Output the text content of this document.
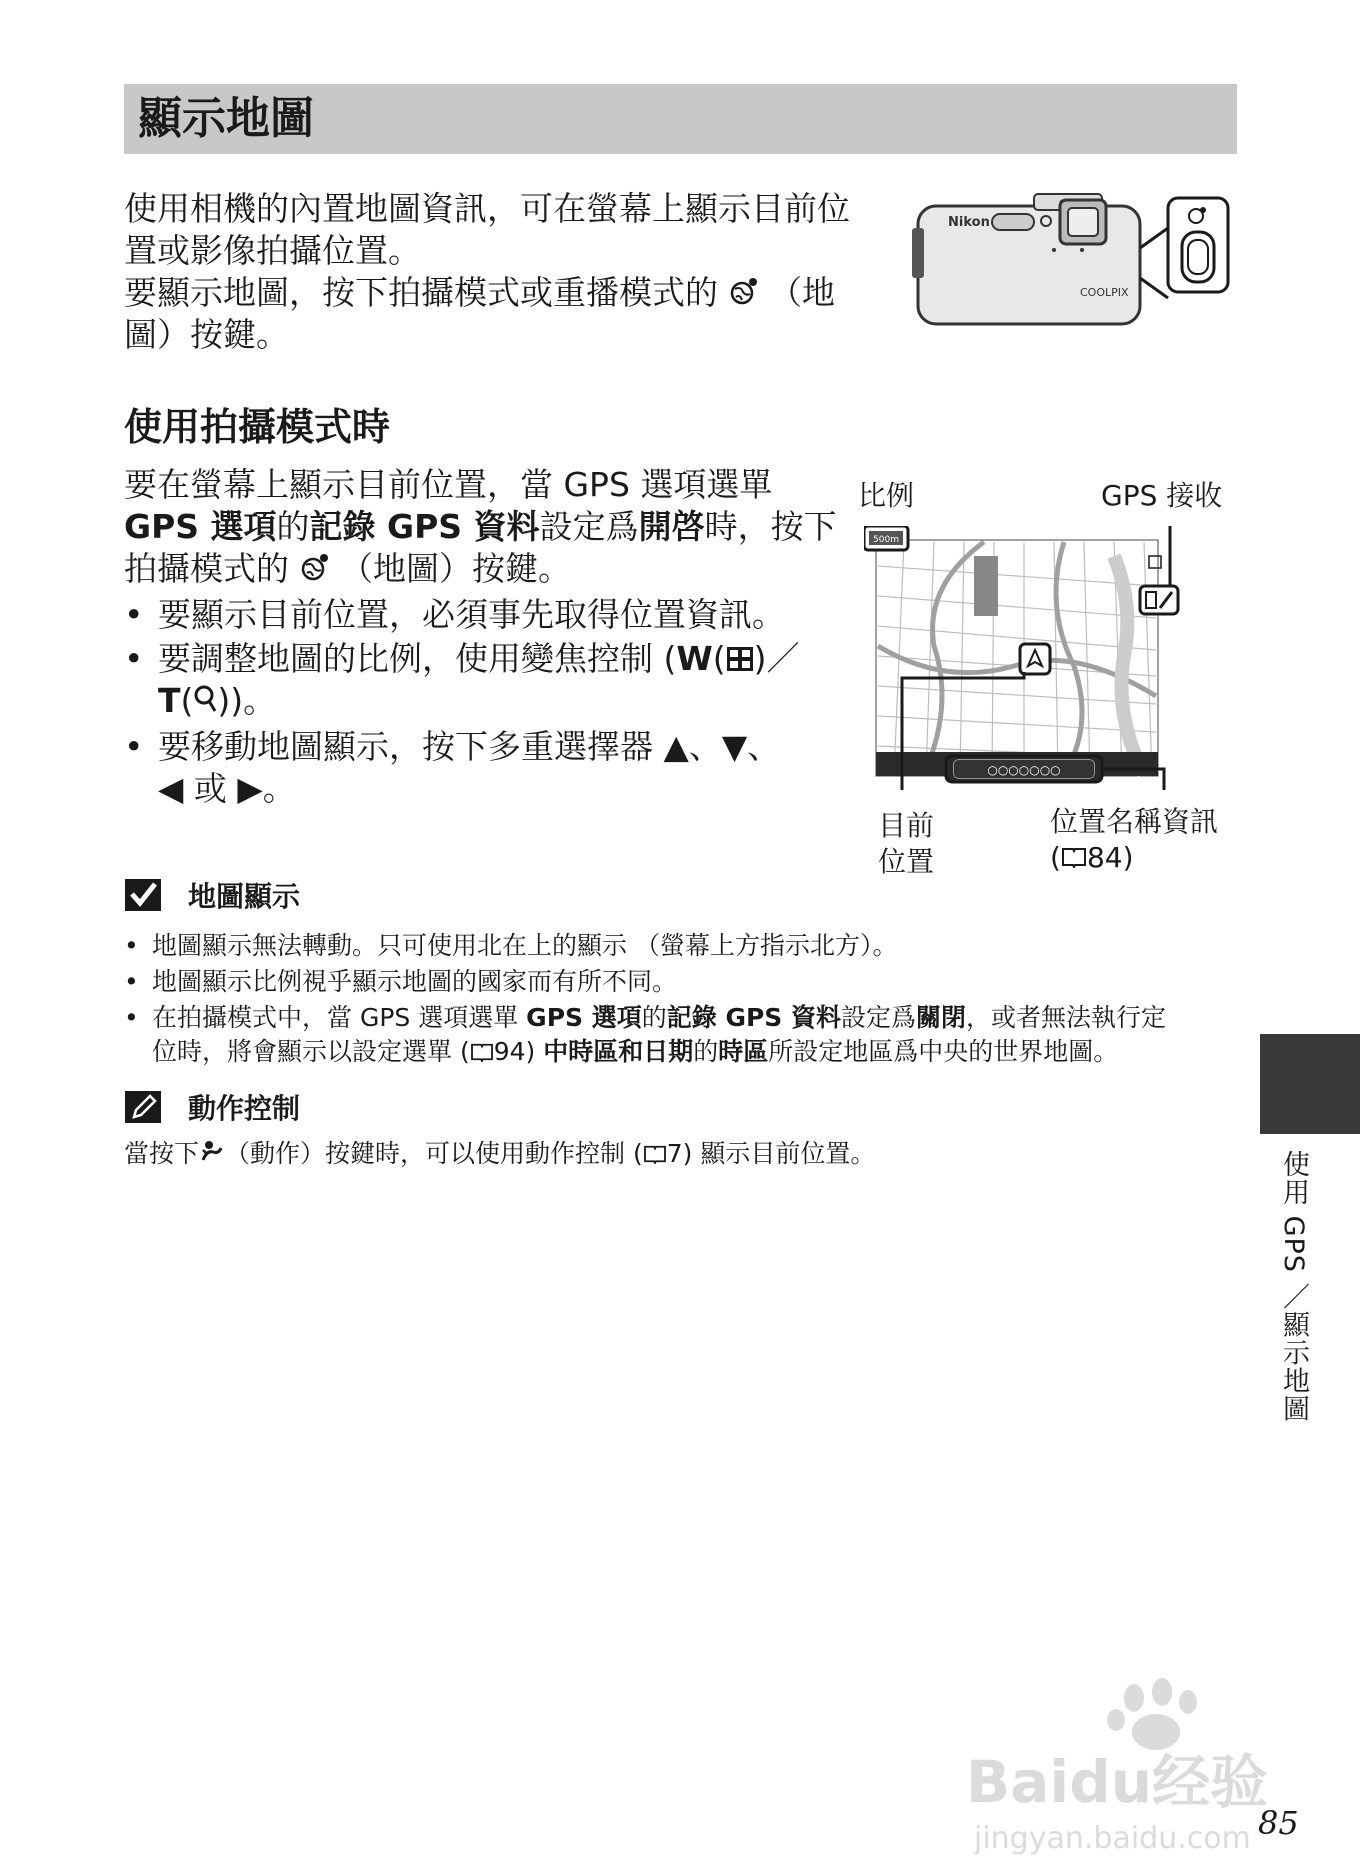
顯示地圖
使用相機的內置地圖資訊，可在螢幕上顯示目前位
置或影像拍攝位置。
要顯示地圖，按下拍攝模式或重播模式的 （地
圖）按鍵。
Nikon
COOLPIX
使用拍攝模式時
要在螢幕上顯示目前位置，當 GPS 選項選單
GPS 選項的記錄 GPS 資料設定爲開啓時，按下
拍攝模式的 （地圖）按鍵。
• 要顯示目前位置，必須事先取得位置資訊。
• 要調整地圖的比例，使用變焦控制 (W( )／
T( ))。
• 要移動地圖顯示，按下多重選擇器 ▲、▼、
◀ 或 ▶。
比例	GPS 接收
500m
○○○○○○○
目前
位置
位置名稱資訊
( 84)
地圖顯示
• 地圖顯示無法轉動。只可使用北在上的顯示 （螢幕上方指示北方）。
• 地圖顯示比例視乎顯示地圖的國家而有所不同。
• 在拍攝模式中，當 GPS 選項選單 GPS 選項的記錄 GPS 資料設定爲關閉，或者無法執行定
位時，將會顯示以設定選單 ( 94) 中時區和日期的時區所設定地區爲中央的世界地圖。
動作控制
當按下 （動作）按鍵時，可以使用動作控制 ( 7) 顯示目前位置。	使用 GPS ／顯示地圖
Baidu经验
jingyan.baidu.com 85
